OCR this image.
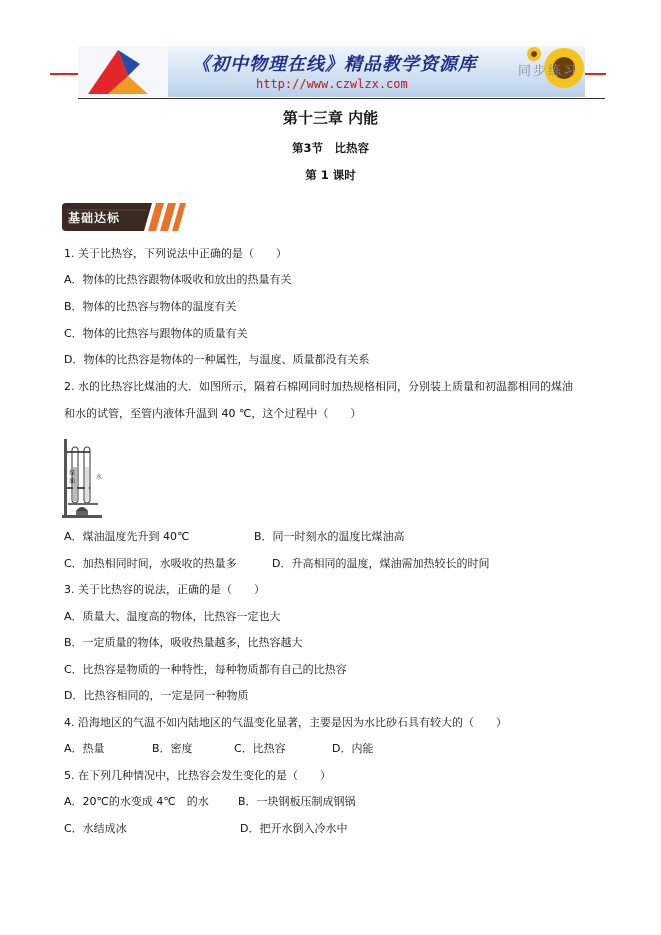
《初中物理在线》精品教学资源库
http://www.czwlzx.com
同步练习
第十三章 内能
第3节　比热容
第 1 课时
基础达标
1. 关于比热容，下列说法中正确的是（　　）
A．物体的比热容跟物体吸收和放出的热量有关
B．物体的比热容与物体的温度有关
C．物体的比热容与跟物体的质量有关
D．物体的比热容是物体的一种属性，与温度、质量都没有关系
2. 水的比热容比煤油的大．如图所示，隔着石棉网同时加热规格相同，分别装上质量和初温都相同的煤油
和水的试管，至管内液体升温到 40 ℃，这个过程中（　　）
煤
油
水
A．煤油温度先升到 40℃	B．同一时刻水的温度比煤油高
C．加热相同时间，水吸收的热量多	D．升高相同的温度，煤油需加热较长的时间
3. 关于比热容的说法，正确的是（　　）
A．质量大、温度高的物体，比热容一定也大
B．一定质量的物体，吸收热量越多，比热容越大
C．比热容是物质的一种特性，每种物质都有自己的比热容
D．比热容相同的，一定是同一种物质
4. 沿海地区的气温不如内陆地区的气温变化显著，主要是因为水比砂石具有较大的（　　）
A．热量	B．密度	C．比热容	D．内能
5. 在下列几种情况中，比热容会发生变化的是（　　）
A．20℃的水变成 4℃　的水	B．一块钢板压制成钢锅
C．水结成冰	D．把开水倒入冷水中
